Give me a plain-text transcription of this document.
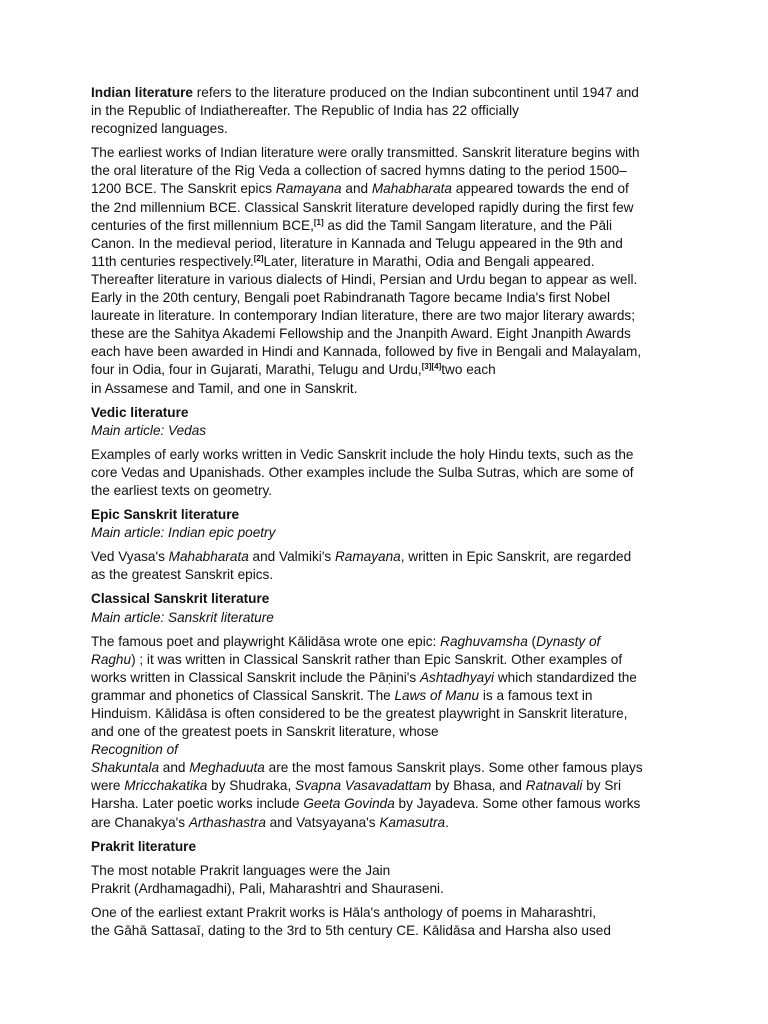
Indian literature refers to the literature produced on the Indian subcontinent until 1947 and
in the Republic of Indiathereafter. The Republic of India has 22 officially
recognized languages.

The earliest works of Indian literature were orally transmitted. Sanskrit literature begins with
the oral literature of the Rig Veda a collection of sacred hymns dating to the period 1500–
1200 BCE. The Sanskrit epics Ramayana and Mahabharata appeared towards the end of
the 2nd millennium BCE. Classical Sanskrit literature developed rapidly during the first few
centuries of the first millennium BCE,[1] as did the Tamil Sangam literature, and the Pāli
Canon. In the medieval period, literature in Kannada and Telugu appeared in the 9th and
11th centuries respectively.[2]Later, literature in Marathi, Odia and Bengali appeared.
Thereafter literature in various dialects of Hindi, Persian and Urdu began to appear as well.
Early in the 20th century, Bengali poet Rabindranath Tagore became India's first Nobel
laureate in literature. In contemporary Indian literature, there are two major literary awards;
these are the Sahitya Akademi Fellowship and the Jnanpith Award. Eight Jnanpith Awards
each have been awarded in Hindi and Kannada, followed by five in Bengali and Malayalam,
four in Odia, four in Gujarati, Marathi, Telugu and Urdu,[3][4]two each
in Assamese and Tamil, and one in Sanskrit.

Vedic literature

Main article: Vedas

Examples of early works written in Vedic Sanskrit include the holy Hindu texts, such as the
core Vedas and Upanishads. Other examples include the Sulba Sutras, which are some of
the earliest texts on geometry.

Epic Sanskrit literature

Main article: Indian epic poetry

Ved Vyasa's Mahabharata and Valmiki's Ramayana, written in Epic Sanskrit, are regarded
as the greatest Sanskrit epics.

Classical Sanskrit literature

Main article: Sanskrit literature

The famous poet and playwright Kālidāsa wrote one epic: Raghuvamsha (Dynasty of
Raghu) ; it was written in Classical Sanskrit rather than Epic Sanskrit. Other examples of
works written in Classical Sanskrit include the Pāṇini's Ashtadhyayi which standardized the
grammar and phonetics of Classical Sanskrit. The Laws of Manu is a famous text in
Hinduism. Kālidāsa is often considered to be the greatest playwright in Sanskrit literature,
and one of the greatest poets in Sanskrit literature, whose
Recognition of
Shakuntala and Meghaduuta are the most famous Sanskrit plays. Some other famous plays
were Mricchakatika by Shudraka, Svapna Vasavadattam by Bhasa, and Ratnavali by Sri
Harsha. Later poetic works include Geeta Govinda by Jayadeva. Some other famous works
are Chanakya's Arthashastra and Vatsyayana's Kamasutra.

Prakrit literature

The most notable Prakrit languages were the Jain
Prakrit (Ardhamagadhi), Pali, Maharashtri and Shauraseni.

One of the earliest extant Prakrit works is Hāla's anthology of poems in Maharashtri,
the Gāhā Sattasaī, dating to the 3rd to 5th century CE. Kālidāsa and Harsha also used
